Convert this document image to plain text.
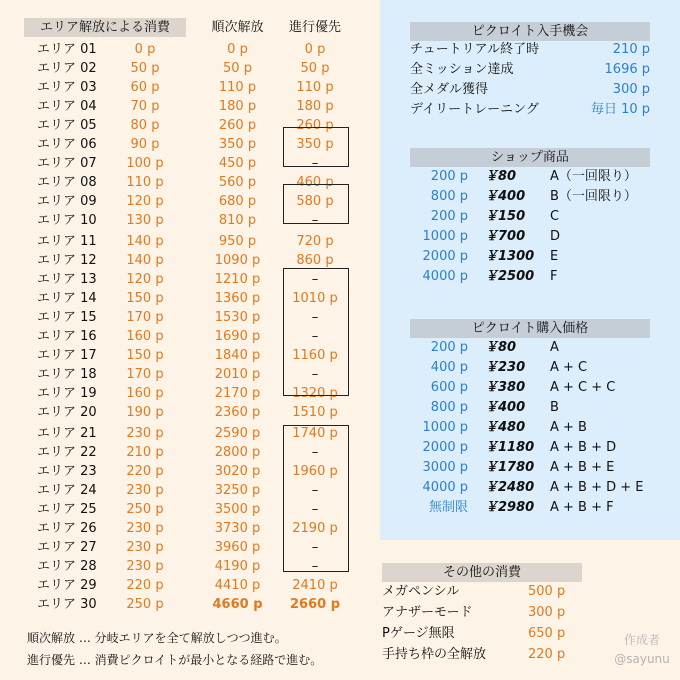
エリア解放による消費	順次解放	進行優先
エリア 01	0 p	0 p	0 p
エリア 02	50 p	50 p	50 p
エリア 03	60 p	110 p	110 p
エリア 04	70 p	180 p	180 p
エリア 05	80 p	260 p	260 p
エリア 06	90 p	350 p	350 p
エリア 07	100 p	450 p	–
エリア 08	110 p	560 p	460 p
エリア 09	120 p	680 p	580 p
エリア 10	130 p	810 p	–
エリア 11	140 p	950 p	720 p
エリア 12	140 p	1090 p	860 p
エリア 13	120 p	1210 p	–
エリア 14	150 p	1360 p	1010 p
エリア 15	170 p	1530 p	–
エリア 16	160 p	1690 p	–
エリア 17	150 p	1840 p	1160 p
エリア 18	170 p	2010 p	–
エリア 19	160 p	2170 p	1320 p
エリア 20	190 p	2360 p	1510 p
エリア 21	230 p	2590 p	1740 p
エリア 22	210 p	2800 p	–
エリア 23	220 p	3020 p	1960 p
エリア 24	230 p	3250 p	–
エリア 25	250 p	3500 p	–
エリア 26	230 p	3730 p	2190 p
エリア 27	230 p	3960 p	–
エリア 28	230 p	4190 p	–
エリア 29	220 p	4410 p	2410 p
エリア 30	250 p	4660 p	2660 p
順次解放 … 分岐エリアを全て解放しつつ進む。
進行優先 … 消費ピクロイトが最小となる経路で進む。
ピクロイト入手機会
チュートリアル終了時	210 p
全ミッション達成	1696 p
全メダル獲得	300 p
デイリートレーニング	毎日 10 p
ショップ商品
200 p ￥80	A（一回限り）
800 p ￥400 B（一回限り）
200 p ￥150 C
1000 p ￥700 D
2000 p ￥1300 E
4000 p ￥2500 F
ピクロイト購入価格
200 p ￥80	A
400 p ￥230 A + C
600 p ￥380 A + C + C
800 p ￥400 B
1000 p ￥480 A + B
2000 p ￥1180 A + B + D
3000 p ￥1780 A + B + E
4000 p ￥2480 A + B + D + E
無制限 ￥2980 A + B + F
その他の消費
メガペンシル	500 p
アナザーモード	300 p
Pゲージ無限	650 p
手持ち枠の全解放	220 p
作成者
@sayunu
